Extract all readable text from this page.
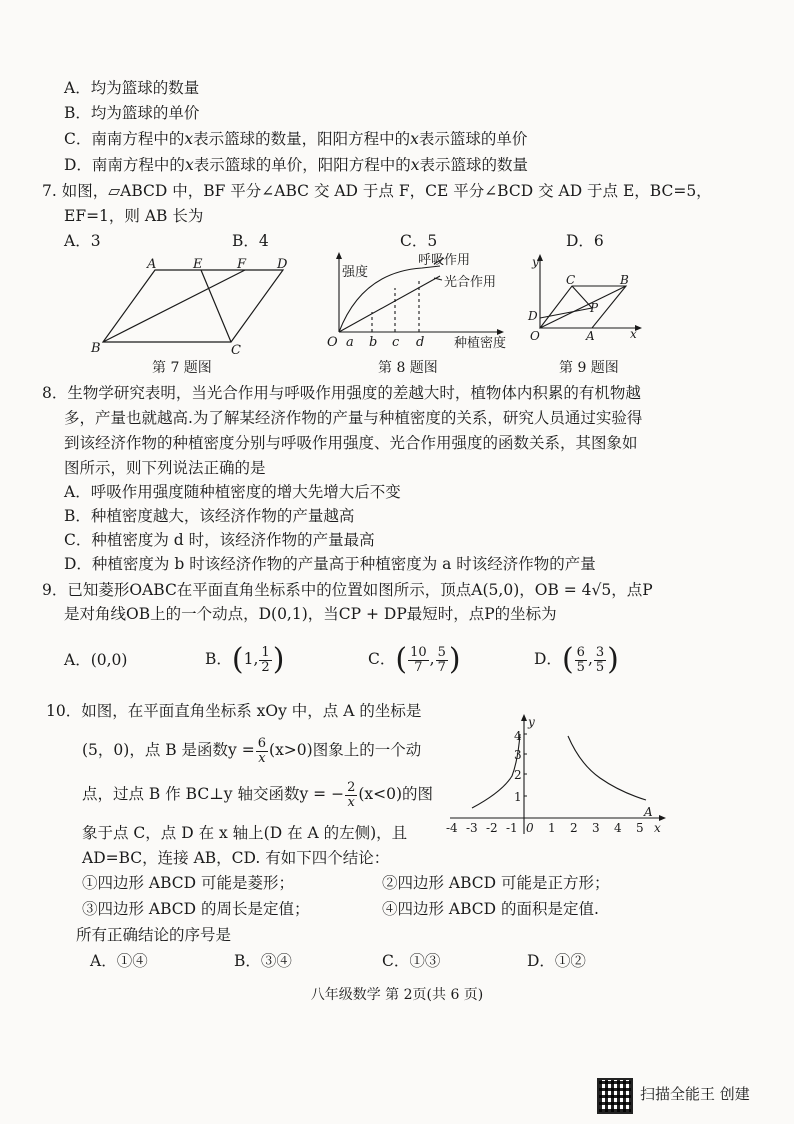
A．均为篮球的数量
B．均为篮球的单价
C．南南方程中的x表示篮球的数量，阳阳方程中的x表示篮球的单价
D．南南方程中的x表示篮球的单价，阳阳方程中的x表示篮球的数量
7. 如图，▱ABCD 中，BF 平分∠ABC 交 AD 于点 F，CE 平分∠BCD 交 AD 于点 E，BC=5，
EF=1，则 AB 长为
A．3	B．4	C．5	D．6
A	E	F D
B	C
第 7 题图
强度
呼吸作用
光合作用
种植密度
O a b c d
第 8 题图
y
x
O	A
B
C
D
P
第 9 题图
8．生物学研究表明，当光合作用与呼吸作用强度的差越大时，植物体内积累的有机物越
多，产量也就越高.为了解某经济作物的产量与种植密度的关系，研究人员通过实验得
到该经济作物的种植密度分别与呼吸作用强度、光合作用强度的函数关系，其图象如
图所示，则下列说法正确的是
A．呼吸作用强度随种植密度的增大先增大后不变
B．种植密度越大，该经济作物的产量越高
C．种植密度为 d 时，该经济作物的产量最高
D．种植密度为 b 时该经济作物的产量高于种植密度为 a 时该经济作物的产量
9．已知菱形OABC在平面直角坐标系中的位置如图所示，顶点A(5,0)，OB = 4√5，点P
是对角线OB上的一个动点，D(0,1)，当CP + DP最短时，点P的坐标为
A．(0,0)	B．(1, $\frac{1}{2}$ )	C．( $\frac{10}{7}$ , $\frac{5}{7}$ )	D．( $\frac{6}{5}$ , $\frac{3}{5}$ )
10．如图，在平面直角坐标系 xOy 中，点 A 的坐标是
(5，0)，点 B 是函数$y = \frac{6}{x} (x>0)$图象上的一个动
点，过点 B 作 BC⊥y 轴交函数y = − $\frac{2}{x} (x<0)$的图
象于点 C，点 D 在 x 轴上(D 在 A 的左侧)，且
AD=BC，连接 AB，CD. 有如下四个结论：
①四边形 ABCD 可能是菱形；	②四边形 ABCD 可能是正方形；
③四边形 ABCD 的周长是定值；	④四边形 ABCD 的面积是定值.
所有正确结论的序号是
A．①④	B．③④	C．①③	D．①②
y
x
A
4
3
2
1
-4 -3 -2 -1 0 1 2 3 4 5
八年级数学 第 2页(共 6 页)
扫描全能王 创建
